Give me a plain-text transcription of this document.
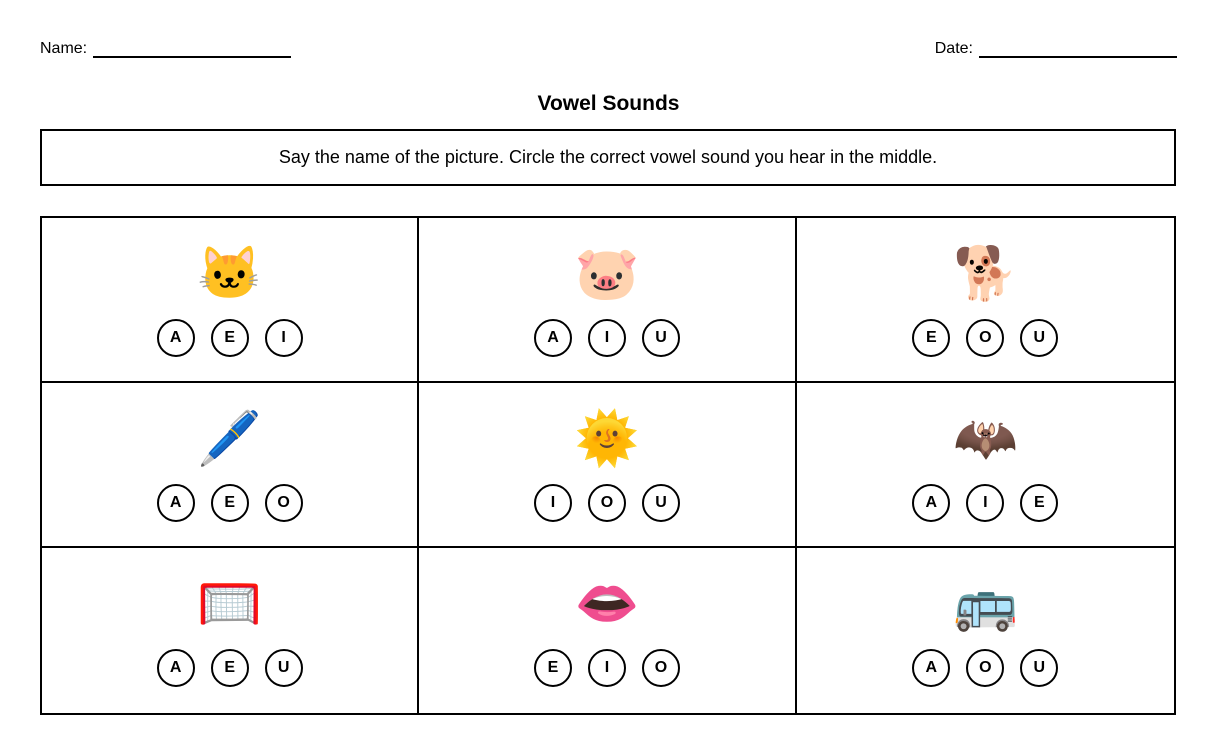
Name:	Date:
Vowel Sounds
Say the name of the picture. Circle the correct vowel sound you hear in the middle.
🐱
A	E	I
🐷
A	I	U
🐕
E	O	U
🖊️
A	E	O
🌞
I	O	U
🦇
A	I	E
🥅
A	E	U
👄
E	I	O
🚌
A	O	U
